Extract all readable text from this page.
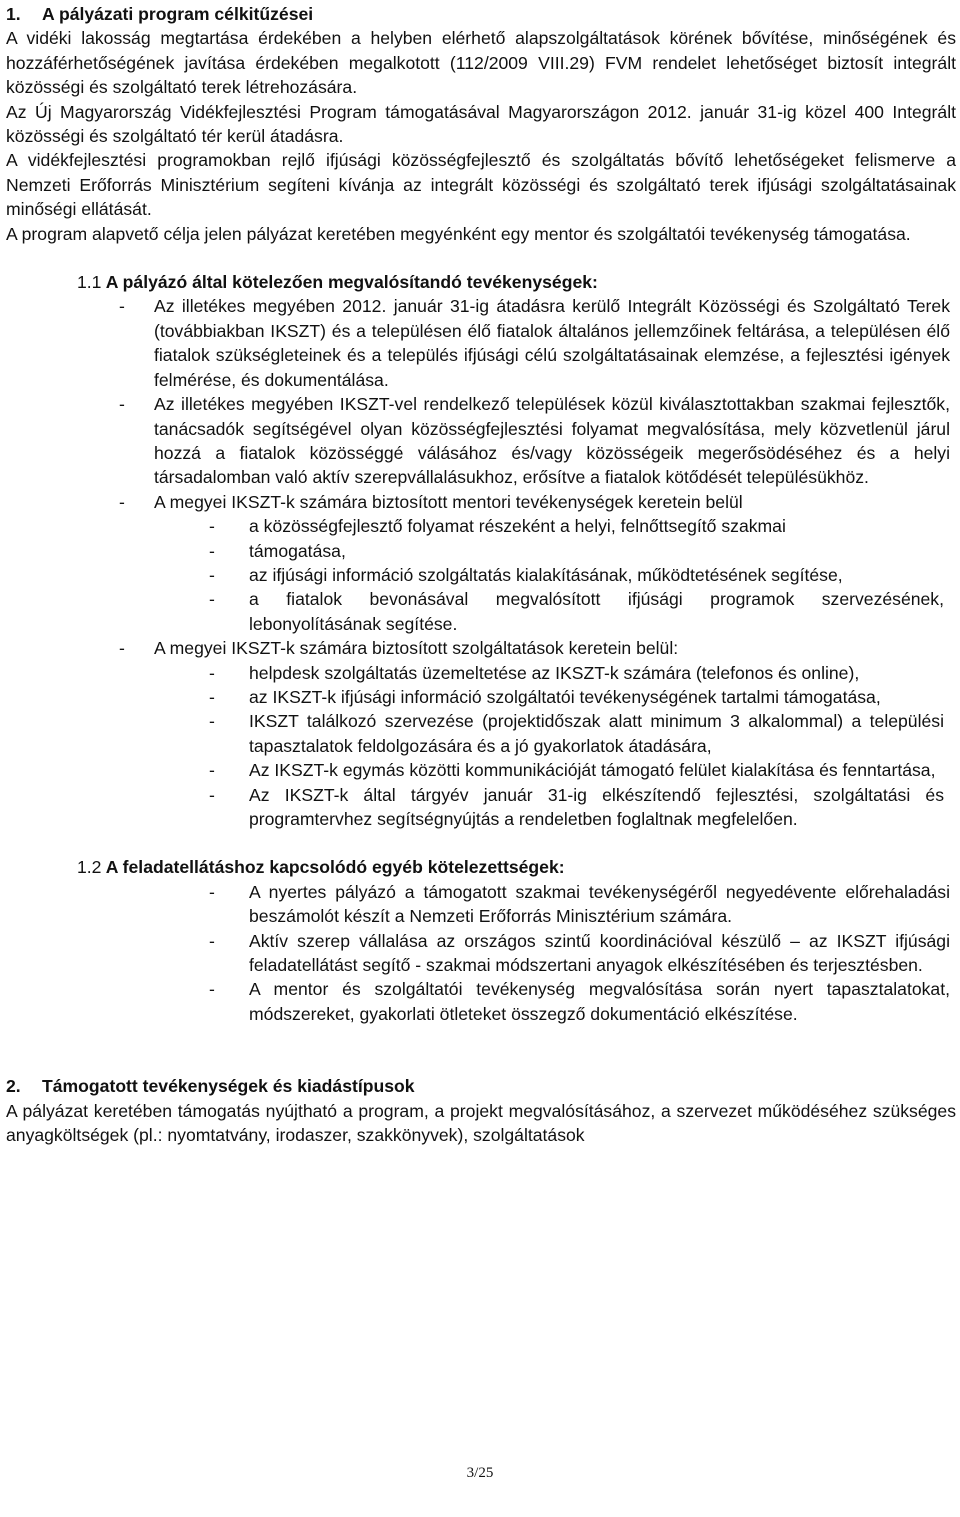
1. A pályázati program célkitűzései

A vidéki lakosság megtartása érdekében a helyben elérhető alapszolgáltatások körének bővítése, minőségének és hozzáférhetőségének javítása érdekében megalkotott (112/2009 VIII.29) FVM rendelet lehetőséget biztosít integrált közösségi és szolgáltató terek létrehozására.

Az Új Magyarország Vidékfejlesztési Program támogatásával Magyarországon 2012. január 31-ig közel 400 Integrált közösségi és szolgáltató tér kerül átadásra.

A vidékfejlesztési programokban rejlő ifjúsági közösségfejlesztő és szolgáltatás bővítő lehetőségeket felismerve a Nemzeti Erőforrás Minisztérium segíteni kívánja az integrált közösségi és szolgáltató terek ifjúsági szolgáltatásainak minőségi ellátását.

A program alapvető célja jelen pályázat keretében megyénként egy mentor és szolgáltatói tevékenység támogatása.

1.1 A pályázó által kötelezően megvalósítandó tevékenységek:
- Az illetékes megyében 2012. január 31-ig átadásra kerülő Integrált Közösségi és Szolgáltató Terek (továbbiakban IKSZT) és a településen élő fiatalok általános jellemzőinek feltárása, a településen élő fiatalok szükségleteinek és a település ifjúsági célú szolgáltatásainak elemzése, a fejlesztési igények felmérése, és dokumentálása.
- Az illetékes megyében IKSZT-vel rendelkező települések közül kiválasztottakban szakmai fejlesztők, tanácsadók segítségével olyan közösségfejlesztési folyamat megvalósítása, mely közvetlenül járul hozzá a fiatalok közösséggé válásához és/vagy közösségeik megerősödéséhez és a helyi társadalomban való aktív szerepvállalásukhoz, erősítve a fiatalok kötődését településükhöz.
- A megyei IKSZT-k számára biztosított mentori tevékenységek keretein belül
- a közösségfejlesztő folyamat részeként a helyi, felnőttsegítő szakmai
- támogatása,
- az ifjúsági információ szolgáltatás kialakításának, működtetésének segítése,
- a fiatalok bevonásával megvalósított ifjúsági programok szervezésének, lebonyolításának segítése.
- A megyei IKSZT-k számára biztosított szolgáltatások keretein belül:
- helpdesk szolgáltatás üzemeltetése az IKSZT-k számára (telefonos és online),
- az IKSZT-k ifjúsági információ szolgáltatói tevékenységének tartalmi támogatása,
- IKSZT találkozó szervezése (projektidőszak alatt minimum 3 alkalommal) a települési tapasztalatok feldolgozására és a jó gyakorlatok átadására,
- Az IKSZT-k egymás közötti kommunikációját támogató felület kialakítása és fenntartása,
- Az IKSZT-k által tárgyév január 31-ig elkészítendő fejlesztési, szolgáltatási és programtervhez segítségnyújtás a rendeletben foglaltnak megfelelően.
1.2 A feladatellátáshoz kapcsolódó egyéb kötelezettségek:
- A nyertes pályázó a támogatott szakmai tevékenységéről negyedévente előrehaladási beszámolót készít a Nemzeti Erőforrás Minisztérium számára.
- Aktív szerep vállalása az országos szintű koordinációval készülő – az IKSZT ifjúsági feladatellátást segítő - szakmai módszertani anyagok elkészítésében és terjesztésben.
- A mentor és szolgáltatói tevékenység megvalósítása során nyert tapasztalatokat, módszereket, gyakorlati ötleteket összegző dokumentáció elkészítése.
2. Támogatott tevékenységek és kiadástípusok

A pályázat keretében támogatás nyújtható a program, a projekt megvalósításához, a szervezet működéséhez szükséges anyagköltségek (pl.: nyomtatvány, irodaszer, szakkönyvek), szolgáltatások

3/25
